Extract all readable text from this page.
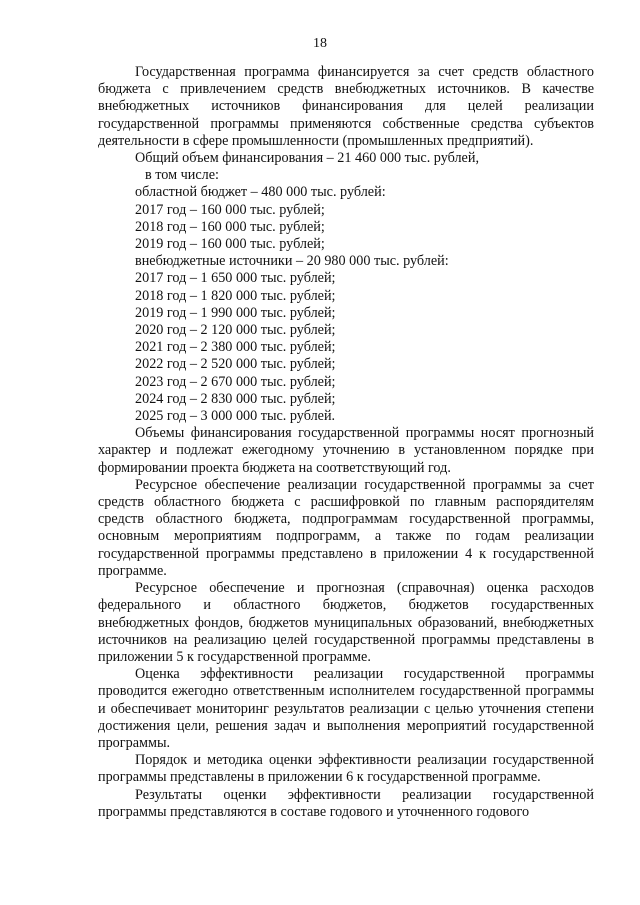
18

Государственная программа финансируется за счет средств областного бюджета с привлечением средств внебюджетных источников. В качестве внебюджетных источников финансирования для целей реализации государственной программы применяются собственные средства субъектов деятельности в сфере промышленности (промышленных предприятий).

Общий объем финансирования – 21 460 000 тыс. рублей,
в том числе:
областной бюджет – 480 000 тыс. рублей:
2017 год – 160 000 тыс. рублей;
2018 год – 160 000 тыс. рублей;
2019 год – 160 000 тыс. рублей;
внебюджетные источники – 20 980 000 тыс. рублей:
2017 год – 1 650 000 тыс. рублей;
2018 год – 1 820 000 тыс. рублей;
2019 год – 1 990 000 тыс. рублей;
2020 год – 2 120 000 тыс. рублей;
2021 год – 2 380 000 тыс. рублей;
2022 год – 2 520 000 тыс. рублей;
2023 год – 2 670 000 тыс. рублей;
2024 год – 2 830 000 тыс. рублей;
2025 год – 3 000 000 тыс. рублей.

Объемы финансирования государственной программы носят прогнозный характер и подлежат ежегодному уточнению в установленном порядке при формировании проекта бюджета на соответствующий год.

Ресурсное обеспечение реализации государственной программы за счет средств областного бюджета с расшифровкой по главным распорядителям средств областного бюджета, подпрограммам государственной программы, основным мероприятиям подпрограмм, а также по годам реализации государственной программы представлено в приложении 4 к государственной программе.

Ресурсное обеспечение и прогнозная (справочная) оценка расходов федерального и областного бюджетов, бюджетов государственных внебюджетных фондов, бюджетов муниципальных образований, внебюджетных источников на реализацию целей государственной программы представлены в приложении 5 к государственной программе.

Оценка эффективности реализации государственной программы проводится ежегодно ответственным исполнителем государственной программы и обеспечивает мониторинг результатов реализации с целью уточнения степени достижения цели, решения задач и выполнения мероприятий государственной программы.

Порядок и методика оценки эффективности реализации государственной программы представлены в приложении 6 к государственной программе.

Результаты оценки эффективности реализации государственной программы представляются в составе годового и уточненного годового
